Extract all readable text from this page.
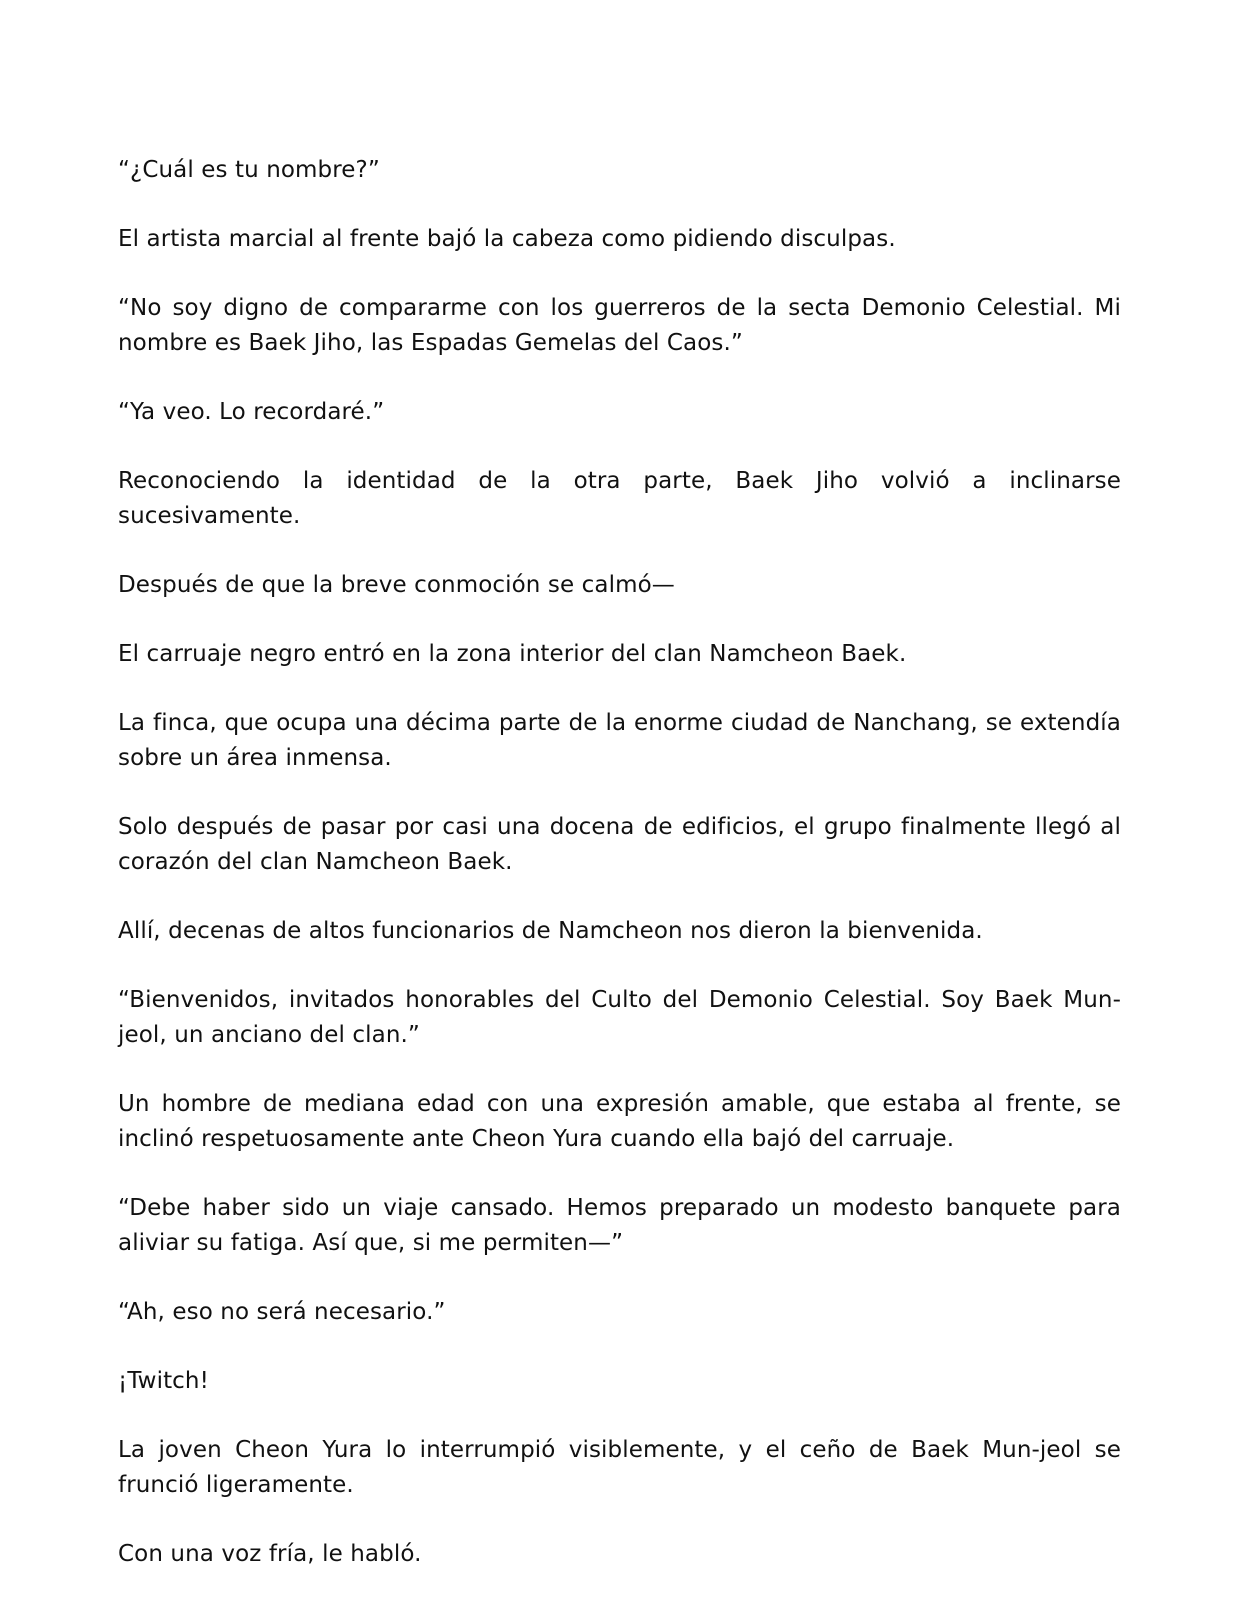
“¿Cuál es tu nombre?”

El artista marcial al frente bajó la cabeza como pidiendo disculpas.

“No soy digno de compararme con los guerreros de la secta Demonio Celestial. Mi nombre es Baek Jiho, las Espadas Gemelas del Caos.”

“Ya veo. Lo recordaré.”

Reconociendo la identidad de la otra parte, Baek Jiho volvió a inclinarse sucesivamente.

Después de que la breve conmoción se calmó—

El carruaje negro entró en la zona interior del clan Namcheon Baek.

La finca, que ocupa una décima parte de la enorme ciudad de Nanchang, se extendía sobre un área inmensa.

Solo después de pasar por casi una docena de edificios, el grupo finalmente llegó al corazón del clan Namcheon Baek.

Allí, decenas de altos funcionarios de Namcheon nos dieron la bienvenida.

“Bienvenidos, invitados honorables del Culto del Demonio Celestial. Soy Baek Mun-jeol, un anciano del clan.”

Un hombre de mediana edad con una expresión amable, que estaba al frente, se inclinó respetuosamente ante Cheon Yura cuando ella bajó del carruaje.

“Debe haber sido un viaje cansado. Hemos preparado un modesto banquete para aliviar su fatiga. Así que, si me permiten—”

“Ah, eso no será necesario.”

¡Twitch!

La joven Cheon Yura lo interrumpió visiblemente, y el ceño de Baek Mun-jeol se frunció ligeramente.

Con una voz fría, le habló.
